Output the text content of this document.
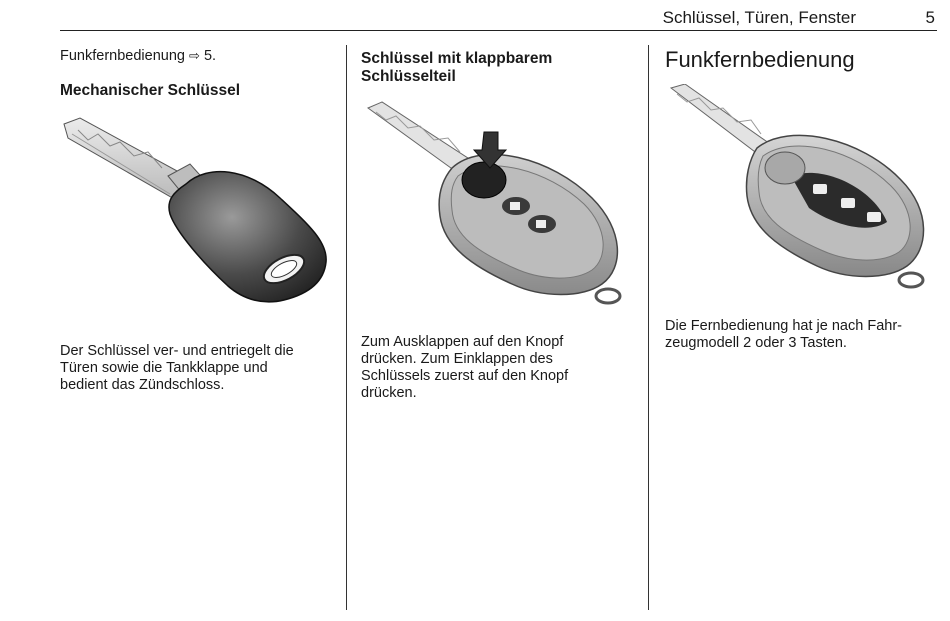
Schlüssel, Türen, Fenster	5
Funkfernbedienung ⇨ 5.
Mechanischer Schlüssel
Der Schlüssel ver- und entriegelt die
Türen sowie die Tankklappe und
bedient das Zündschloss.
Schlüssel mit klappbarem
Schlüsselteil
Zum Ausklappen auf den Knopf
drücken. Zum Einklappen des
Schlüssels zuerst auf den Knopf
drücken.
Funkfernbedienung
Die Fernbedienung hat je nach Fahr-
zeugmodell 2 oder 3 Tasten.
